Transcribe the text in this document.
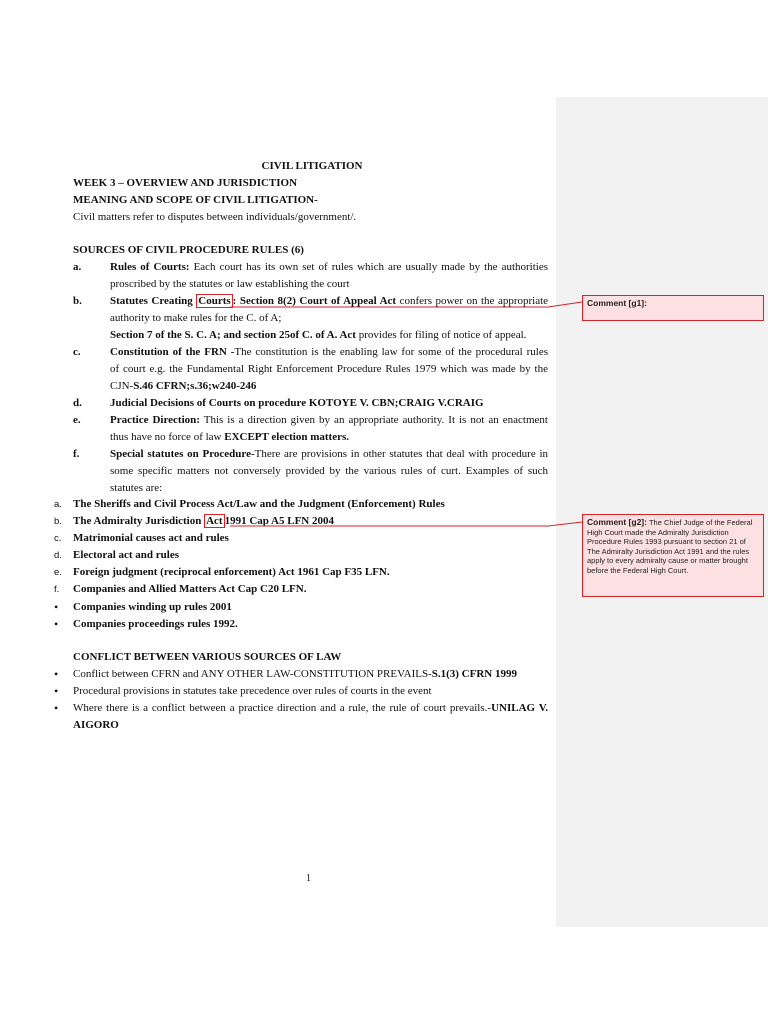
CIVIL LITIGATION
WEEK 3 – OVERVIEW AND JURISDICTION
MEANING AND SCOPE OF CIVIL LITIGATION-
Civil matters refer to disputes between individuals/government/.
SOURCES OF CIVIL PROCEDURE RULES (6)
a.	Rules of Courts: Each court has its own set of rules which are usually made by the authorities
proscribed by the statutes or law establishing the court
b.	Statutes Creating Courts : Section 8(2) Court of Appeal Act confers power on the appropriate
authority to make rules for the C. of A;
Section 7 of the S. C. A; and section 25of C. of A. Act provides for filing of notice of appeal.
c.	Constitution of the FRN -The constitution is the enabling law for some of the procedural rules
of court e.g. the Fundamental Right Enforcement Procedure Rules 1979 which was made by the
CJN-S.46 CFRN;s.36;w240-246
d.	Judicial Decisions of Courts on procedure KOTOYE V. CBN;CRAIG V.CRAIG
e.	Practice Direction: This is a direction given by an appropriate authority. It is not an enactment
thus have no force of law EXCEPT election matters.
f.	Special statutes on Procedure-There are provisions in other statutes that deal with procedure in
some specific matters not conversely provided by the various rules of curt. Examples of such
statutes are:
a. The Sheriffs and Civil Process Act/Law and the Judgment (Enforcement) Rules
b. The Admiralty Jurisdiction Act 1991 Cap A5 LFN 2004
c. Matrimonial causes act and rules
d. Electoral act and rules
e. Foreign judgment (reciprocal enforcement) Act 1961 Cap F35 LFN.
f. Companies and Allied Matters Act Cap C20 LFN.
• Companies winding up rules 2001
• Companies proceedings rules 1992.
CONFLICT BETWEEN VARIOUS SOURCES OF LAW
• Conflict between CFRN and ANY OTHER LAW-CONSTITUTION PREVAILS-S.1(3) CFRN 1999
• Procedural provisions in statutes take precedence over rules of courts in the event
• Where there is a conflict between a practice direction and a rule, the rule of court prevails.-UNILAG V.
AIGORO
1
Comment [g1]:
Comment [g2]: The Chief Judge of the Federal High Court made the Admiralty Jurisdiction Procedure Rules 1993 pursuant to section 21 of The Admiralty Jurisdiction Act 1991 and the rules apply to every admiralty cause or matter brought before the Federal High Court.
